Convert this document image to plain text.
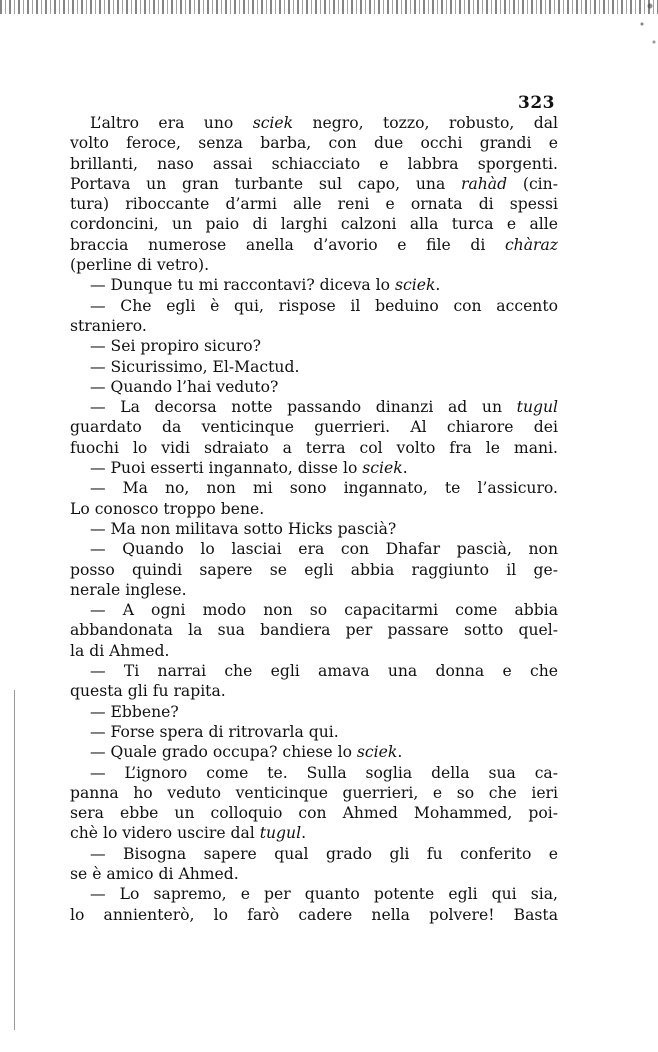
323
L’altro era uno sciek negro, tozzo, robusto, dal
volto feroce, senza barba, con due occhi grandi e
brillanti, naso assai schiacciato e labbra sporgenti.
Portava un gran turbante sul capo, una rahàd (cin-
tura) riboccante d’armi alle reni e ornata di spessi
cordoncini, un paio di larghi calzoni alla turca e alle
braccia numerose anella d’avorio e file di chàraz
(perline di vetro).
— Dunque tu mi raccontavi? diceva lo sciek.
— Che egli è qui, rispose il beduino con accento
straniero.
— Sei propiro sicuro?
— Sicurissimo, El-Mactud.
— Quando l’hai veduto?
— La decorsa notte passando dinanzi ad un tugul
guardato da venticinque guerrieri. Al chiarore dei
fuochi lo vidi sdraiato a terra col volto fra le mani.
— Puoi esserti ingannato, disse lo sciek.
— Ma no, non mi sono ingannato, te l’assicuro.
Lo conosco troppo bene.
— Ma non militava sotto Hicks pascià?
— Quando lo lasciai era con Dhafar pascià, non
posso quindi sapere se egli abbia raggiunto il ge-
nerale inglese.
— A ogni modo non so capacitarmi come abbia
abbandonata la sua bandiera per passare sotto quel-
la di Ahmed.
— Ti narrai che egli amava una donna e che
questa gli fu rapita.
— Ebbene?
— Forse spera di ritrovarla qui.
— Quale grado occupa? chiese lo sciek.
— L’ignoro come te. Sulla soglia della sua ca-
panna ho veduto venticinque guerrieri, e so che ieri
sera ebbe un colloquio con Ahmed Mohammed, poi-
chè lo videro uscire dal tugul.
— Bisogna sapere qual grado gli fu conferito e
se è amico di Ahmed.
— Lo sapremo, e per quanto potente egli qui sia,
lo annienterò, lo farò cadere nella polvere! Basta
